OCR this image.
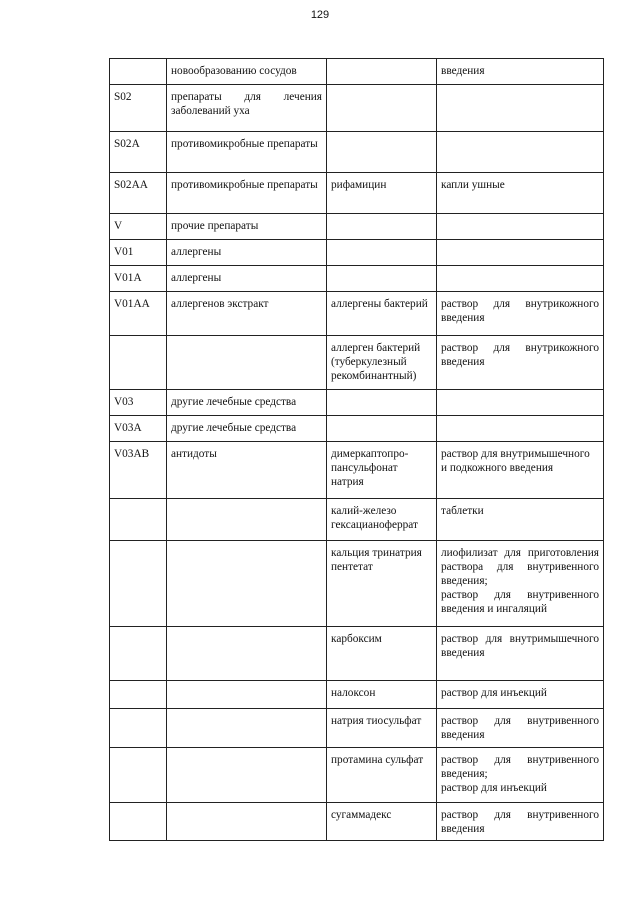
129
	новообразованию сосудов		введения
S02	препараты для лечения заболеваний уха		
S02A	противомикробные препараты		
S02AA	противомикробные препараты	рифамицин	капли ушные
V	прочие препараты		
V01	аллергены		
V01A	аллергены		
V01AA	аллергенов экстракт	аллергены бактерий	раствор для внутрикожного введения
		аллерген бактерий (туберкулезный рекомбинантный)	раствор для внутрикожного введения
V03	другие лечебные средства		
V03A	другие лечебные средства		
V03AB	антидоты	димеркаптопро-пансульфонат натрия	раствор для внутримышечного
и подкожного введения
		калий-железо гексацианоферрат	таблетки
		кальция тринатрия пентетат	лиофилизат для приготовления раствора для внутривенного введения;
раствор для внутривенного введения и ингаляций
		карбоксим	раствор для внутримышечного введения
		налоксон	раствор для инъекций
		натрия тиосульфат	раствор для внутривенного введения
		протамина сульфат	раствор для внутривенного введения;
раствор для инъекций
		сугаммадекс	раствор для внутривенного введения
